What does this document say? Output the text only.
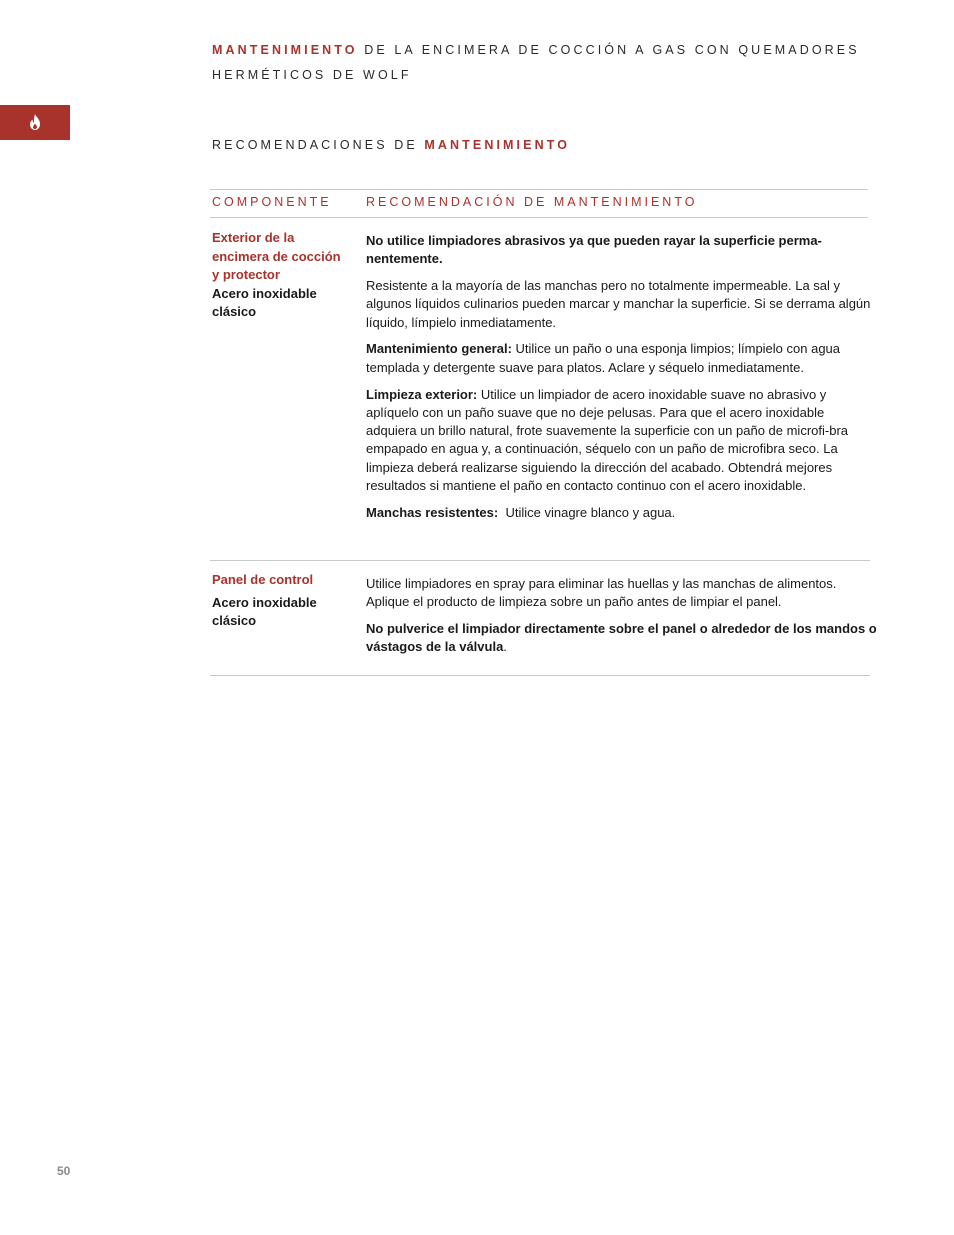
MANTENIMIENTO DE LA ENCIMERA DE COCCIÓN A GAS CON QUEMADORES HERMÉTICOS DE WOLF
RECOMENDACIONES DE MANTENIMIENTO
COMPONENTE	RECOMENDACIÓN DE MANTENIMIENTO
Exterior de la encimera de cocción y protector
Acero inoxidable clásico

No utilice limpiadores abrasivos ya que pueden rayar la superficie perma-nentemente.

Resistente a la mayoría de las manchas pero no totalmente impermeable. La sal y algunos líquidos culinarios pueden marcar y manchar la superficie. Si se derrama algún líquido, límpielo inmediatamente.

Mantenimiento general: Utilice un paño o una esponja limpios; límpielo con agua templada y detergente suave para platos. Aclare y séquelo inmediatamente.

Limpieza exterior: Utilice un limpiador de acero inoxidable suave no abrasivo y aplíquelo con un paño suave que no deje pelusas. Para que el acero inoxidable adquiera un brillo natural, frote suavemente la superficie con un paño de microfi-bra empapado en agua y, a continuación, séquelo con un paño de microfibra seco. La limpieza deberá realizarse siguiendo la dirección del acabado. Obtendrá mejores resultados si mantiene el paño en contacto continuo con el acero inoxidable.

Manchas resistentes:  Utilice vinagre blanco y agua.

Panel de control
Acero inoxidable clásico

Utilice limpiadores en spray para eliminar las huellas y las manchas de alimentos. Aplique el producto de limpieza sobre un paño antes de limpiar el panel.

No pulverice el limpiador directamente sobre el panel o alrededor de los mandos o vástagos de la válvula.

50
